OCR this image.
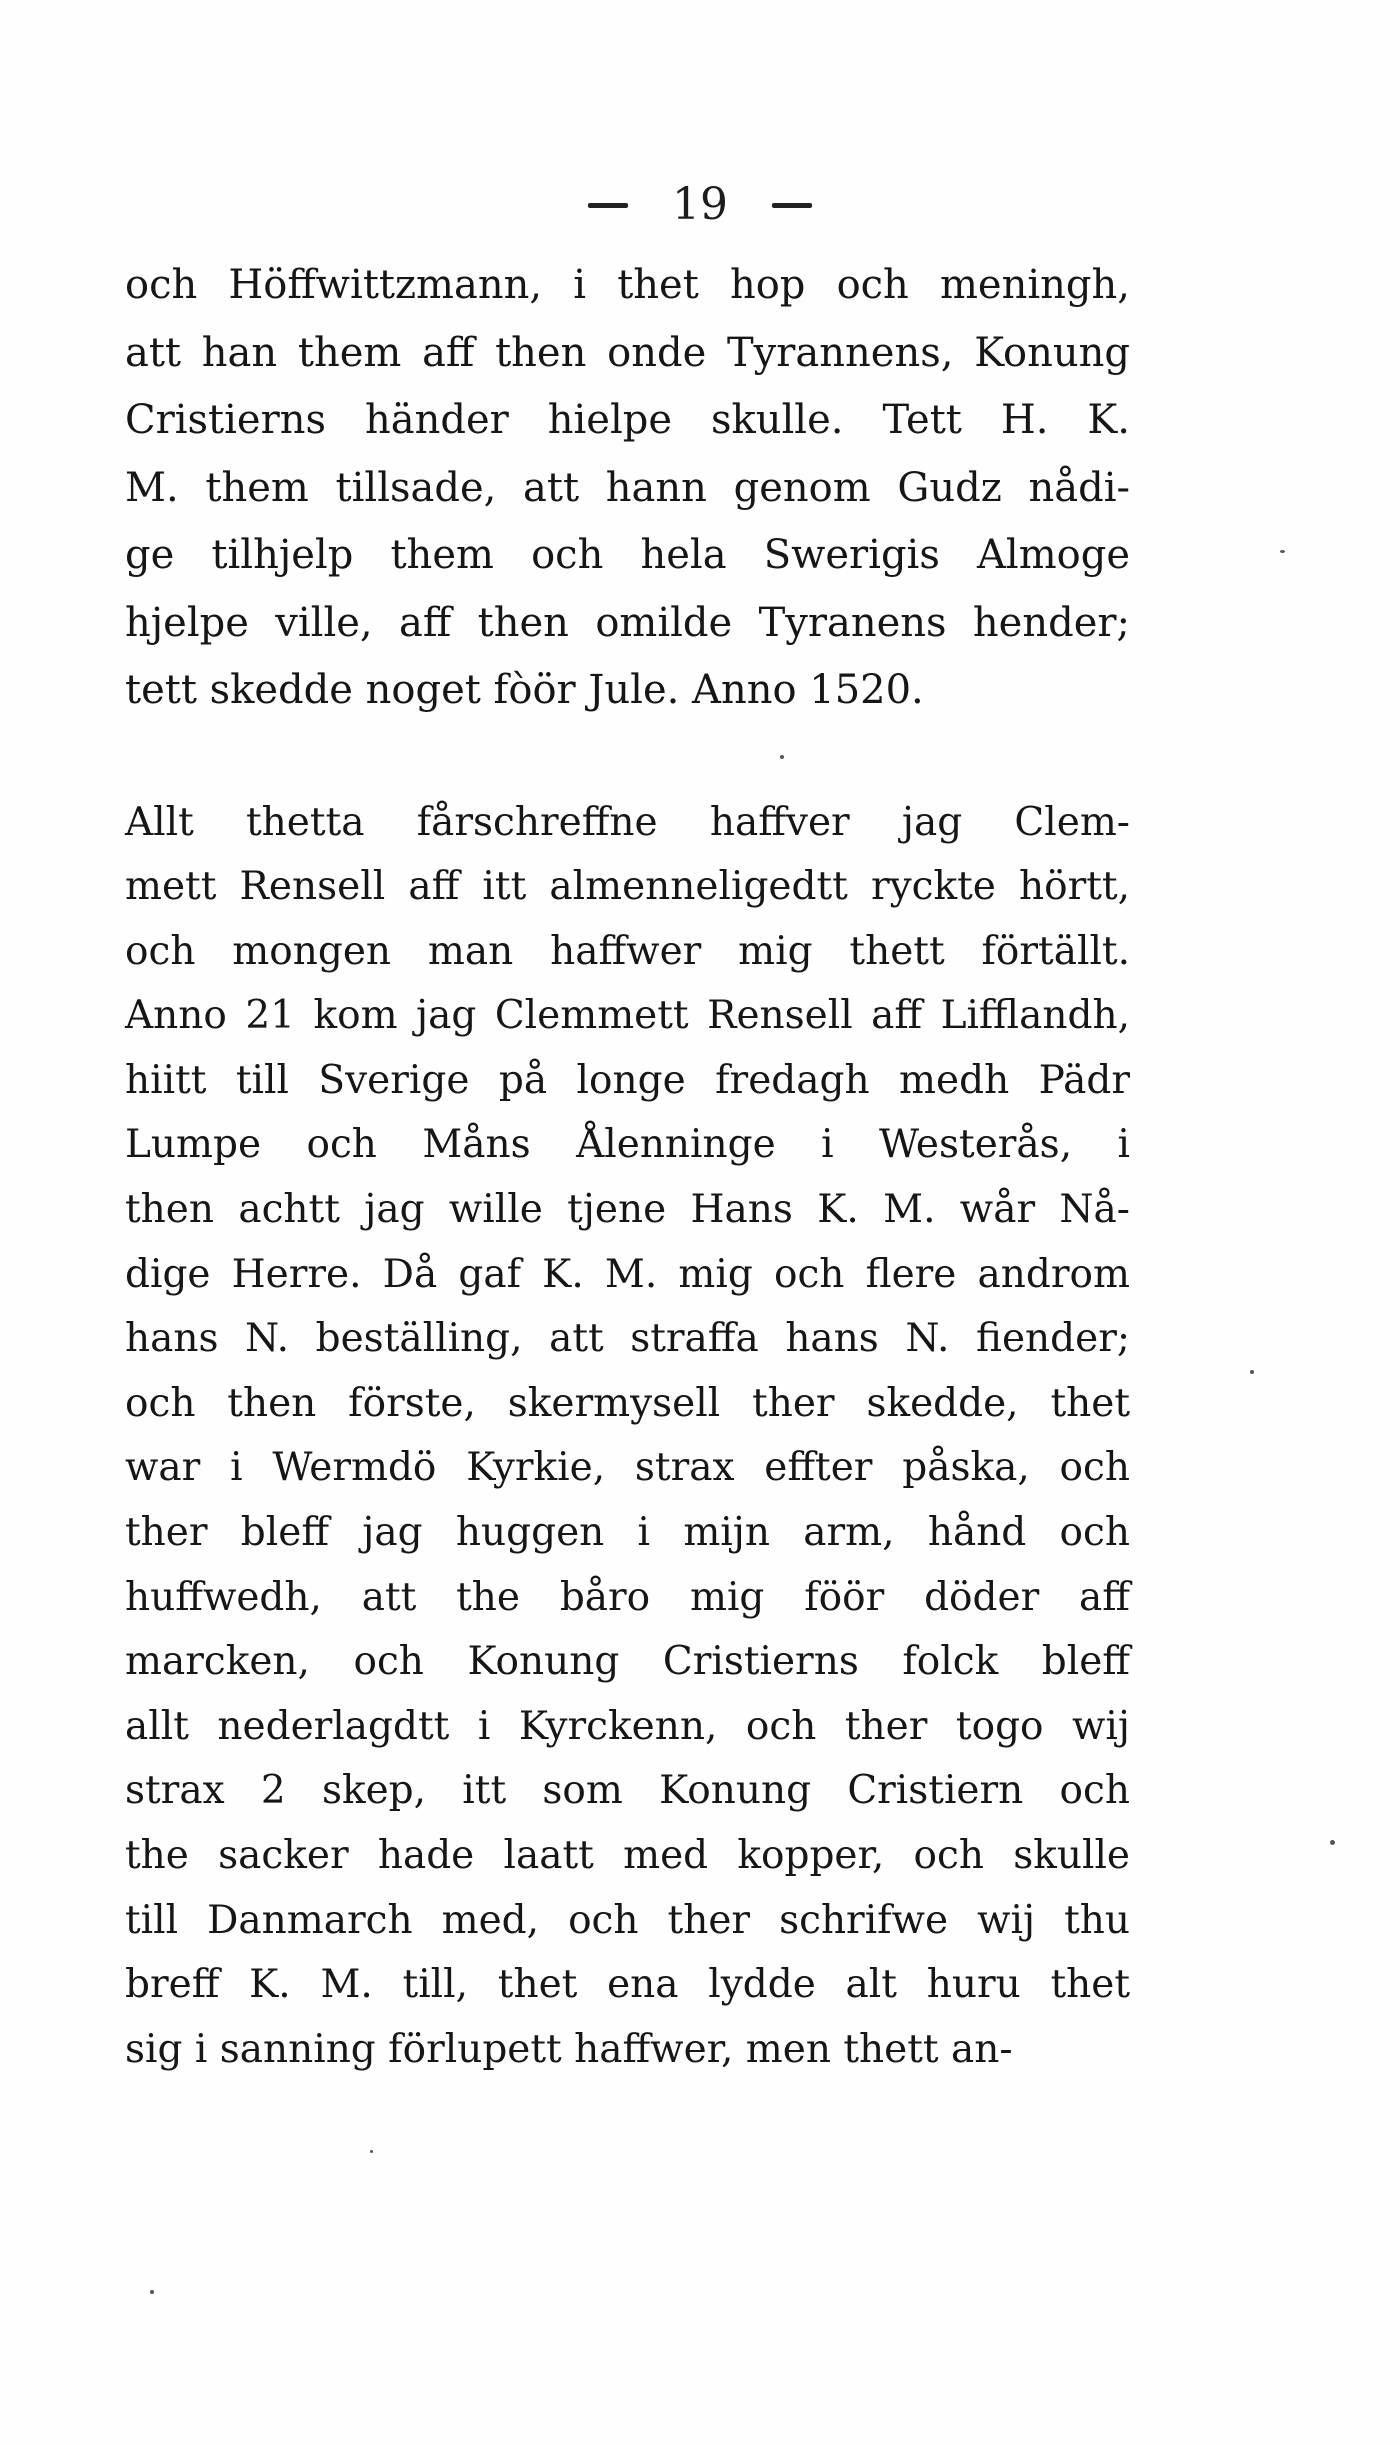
19
och Höffwittzmann, i thet hop och meningh,
att han them aff then onde Tyrannens, Konung
Cristierns händer hielpe skulle. Tett H. K.
M. them tillsade, att hann genom Gudz nådi-
ge tilhjelp them och hela Swerigis Almoge
hjelpe ville, aff then omilde Tyranens hender;
tett skedde noget fòör Jule. Anno 1520.
Allt thetta fårschreffne haffver jag Clem-
mett Rensell aff itt almenneligedtt ryckte hörtt,
och mongen man haffwer mig thett förtällt.
Anno 21 kom jag Clemmett Rensell aff Lifflandh,
hiitt till Sverige på longe fredagh medh Pädr
Lumpe och Måns Ålenninge i Westerås, i
then achtt jag wille tjene Hans K. M. wår Nå-
dige Herre. Då gaf K. M. mig och flere androm
hans N. beställing, att straffa hans N. fiender;
och then förste, skermysell ther skedde, thet
war i Wermdö Kyrkie, strax effter påska, och
ther bleff jag huggen i mijn arm, hånd och
huffwedh, att the båro mig föör döder aff
marcken, och Konung Cristierns folck bleff
allt nederlagdtt i Kyrckenn, och ther togo wij
strax 2 skep, itt som Konung Cristiern och
the sacker hade laatt med kopper, och skulle
till Danmarch med, och ther schrifwe wij thu
breff K. M. till, thet ena lydde alt huru thet
sig i sanning förlupett haffwer, men thett an-
